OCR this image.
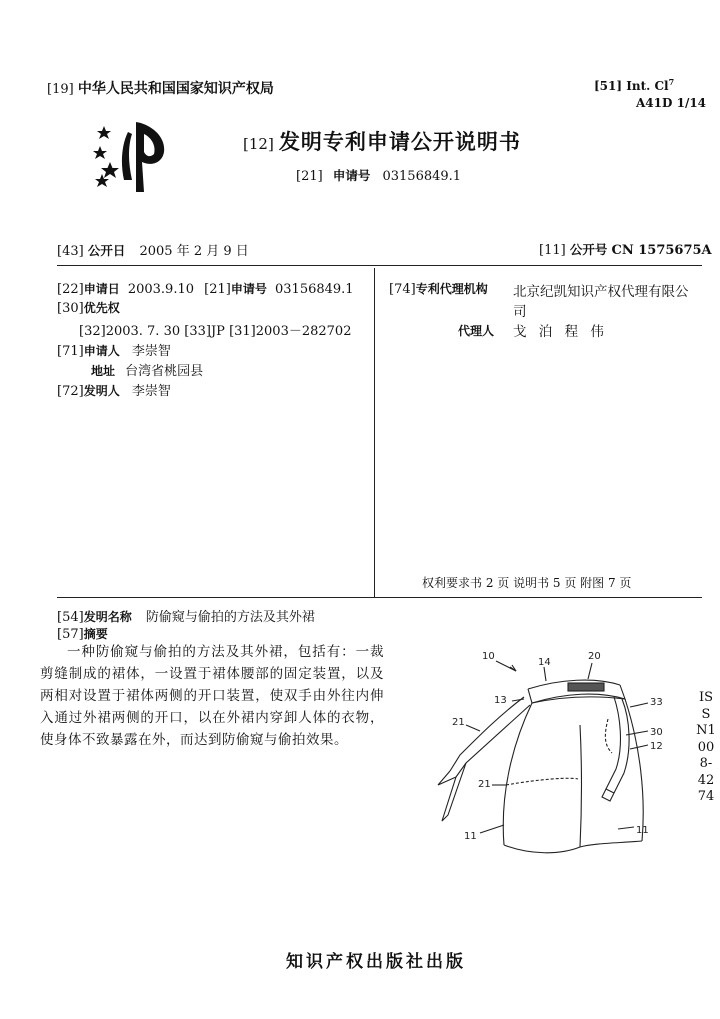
[19] 中华人民共和国国家知识产权局	[51] Int. Cl$^7$
A41D 1/14
[12] 发明专利申请公开说明书
[21] 申请号 03156849.1
[43] 公开日 2005 年 2 月 9 日	[11] 公开号 CN 1575675A
[22]申请日 2003.9.10 [21]申请号 03156849.1
[30]优先权
[32]2003. 7. 30 [33]JP [31]2003－282702
[71]申请人 李崇智
地址 台湾省桃园县
[72]发明人 李崇智
[74]专利代理机构 北京纪凯知识产权代理有限公
司
代理人 戈 泊 程 伟
权利要求书 2 页 说明书 5 页 附图 7 页
[54]发明名称 防偷窥与偷拍的方法及其外裙
[57]摘要
一种防偷窥与偷拍的方法及其外裙，包括有：一裁剪缝制成的裙体，一设置于裙体腰部的固定装置，以及两相对设置于裙体两侧的开口装置，使双手由外往内伸入通过外裙两侧的开口，以在外裙内穿卸人体的衣物，使身体不致暴露在外，而达到防偷窥与偷拍效果。
10
14
20
13	33
21
30
12
21
11
11
ISSN1008-4274
知识产权出版社出版
